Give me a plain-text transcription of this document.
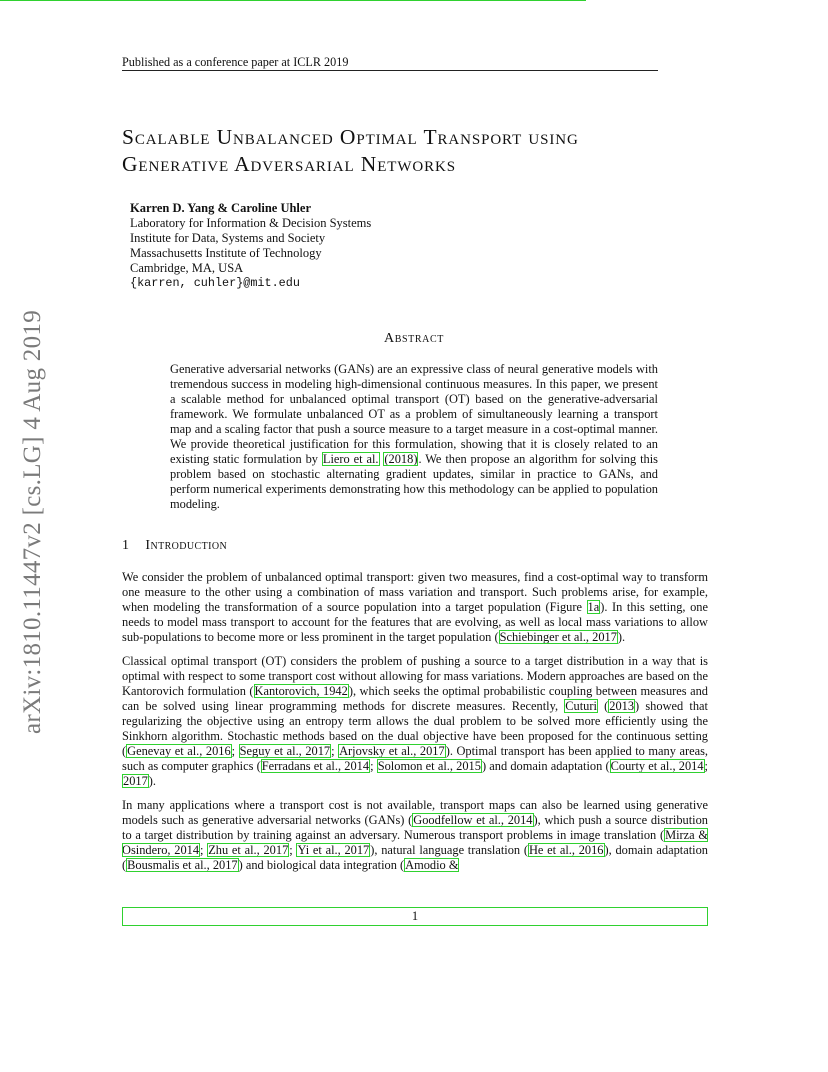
Published as a conference paper at ICLR 2019
arXiv:1810.11447v2 [cs.LG] 4 Aug 2019
Scalable Unbalanced Optimal Transport using
Generative Adversarial Networks
Karren D. Yang & Caroline Uhler
Laboratory for Information & Decision Systems
Institute for Data, Systems and Society
Massachusetts Institute of Technology
Cambridge, MA, USA
{karren, cuhler}@mit.edu
Abstract
Generative adversarial networks (GANs) are an expressive class of neural generative models with tremendous success in modeling high-dimensional continuous measures. In this paper, we present a scalable method for unbalanced optimal transport (OT) based on the generative-adversarial framework. We formulate unbalanced OT as a problem of simultaneously learning a transport map and a scaling factor that push a source measure to a target measure in a cost-optimal manner. We provide theoretical justification for this formulation, showing that it is closely related to an existing static formulation by Liero et al. (2018). We then propose an algorithm for solving this problem based on stochastic alternating gradient updates, similar in practice to GANs, and perform numerical experiments demonstrating how this methodology can be applied to population modeling.
1 Introduction

We consider the problem of unbalanced optimal transport: given two measures, find a cost-optimal way to transform one measure to the other using a combination of mass variation and transport. Such problems arise, for example, when modeling the transformation of a source population into a target population (Figure 1a). In this setting, one needs to model mass transport to account for the features that are evolving, as well as local mass variations to allow sub-populations to become more or less prominent in the target population (Schiebinger et al., 2017).

Classical optimal transport (OT) considers the problem of pushing a source to a target distribution in a way that is optimal with respect to some transport cost without allowing for mass variations. Modern approaches are based on the Kantorovich formulation (Kantorovich, 1942), which seeks the optimal probabilistic coupling between measures and can be solved using linear programming methods for discrete measures. Recently, Cuturi (2013) showed that regularizing the objective using an entropy term allows the dual problem to be solved more efficiently using the Sinkhorn algorithm. Stochastic methods based on the dual objective have been proposed for the continuous setting (Genevay et al., 2016; Seguy et al., 2017; Arjovsky et al., 2017). Optimal transport has been applied to many areas, such as computer graphics (Ferradans et al., 2014; Solomon et al., 2015) and domain adaptation (Courty et al., 2014; 2017).

In many applications where a transport cost is not available, transport maps can also be learned using generative models such as generative adversarial networks (GANs) (Goodfellow et al., 2014), which push a source distribution to a target distribution by training against an adversary. Numerous transport problems in image translation (Mirza & Osindero, 2014; Zhu et al., 2017; Yi et al., 2017), natural language translation (He et al., 2016), domain adaptation (Bousmalis et al., 2017) and biological data integration (Amodio &

1
